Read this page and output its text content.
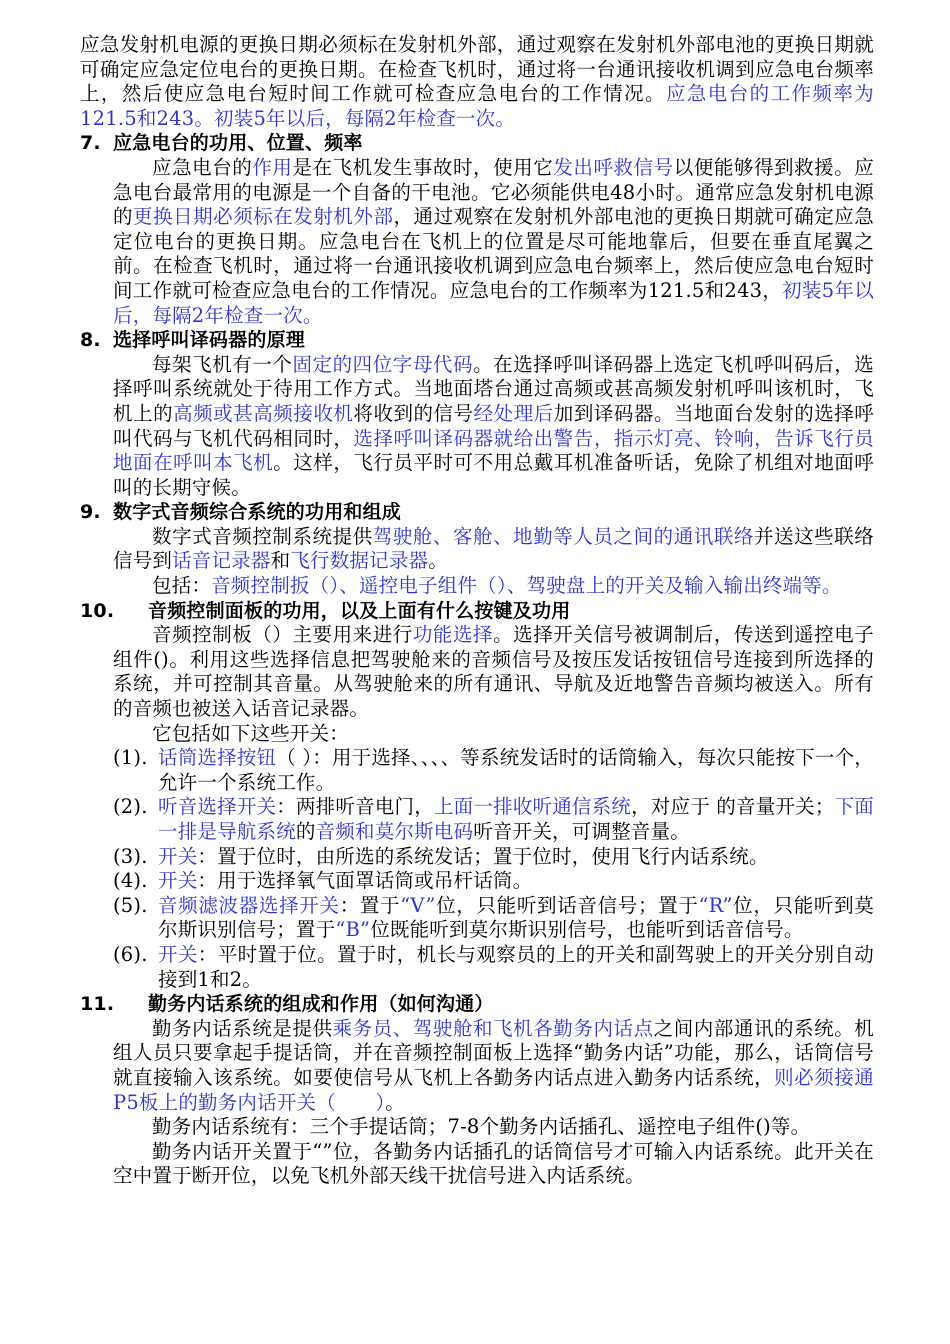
应急发射机电源的更换日期必须标在发射机外部，通过观察在发射机外部电池的更换日期就可确定应急定位电台的更换日期。在检查飞机时，通过将一台通讯接收机调到应急电台频率上，然后使应急电台短时间工作就可检查应急电台的工作情况。应急电台的工作频率为121.5和243。初装5年以后，每隔2年检查一次。

7. 应急电台的功用、位置、频率

应急电台的作用是在飞机发生事故时，使用它发出呼救信号以便能够得到救援。应急电台最常用的电源是一个自备的干电池。它必须能供电48小时。通常应急发射机电源的更换日期必须标在发射机外部，通过观察在发射机外部电池的更换日期就可确定应急定位电台的更换日期。应急电台在飞机上的位置是尽可能地靠后，但要在垂直尾翼之前。在检查飞机时，通过将一台通讯接收机调到应急电台频率上，然后使应急电台短时间工作就可检查应急电台的工作情况。应急电台的工作频率为121.5和243，初装5年以后，每隔2年检查一次。

8. 选择呼叫译码器的原理

每架飞机有一个固定的四位字母代码。在选择呼叫译码器上选定飞机呼叫码后，选择呼叫系统就处于待用工作方式。当地面塔台通过高频或甚高频发射机呼叫该机时，飞机上的高频或甚高频接收机将收到的信号经处理后加到译码器。当地面台发射的选择呼叫代码与飞机代码相同时，选择呼叫译码器就给出警告，指示灯亮、铃响，告诉飞行员地面在呼叫本飞机。这样，飞行员平时可不用总戴耳机准备听话，免除了机组对地面呼叫的长期守候。

9. 数字式音频综合系统的功用和组成

数字式音频控制系统提供驾驶舱、客舱、地勤等人员之间的通讯联络并送这些联络信号到话音记录器和飞行数据记录器。

包括：音频控制扳（）、遥控电子组件（）、驾驶盘上的开关及输入输出终端等。

10.	音频控制面板的功用，以及上面有什么按键及功用

音频控制板（）主要用来进行功能选择。选择开关信号被调制后，传送到遥控电子组件()。利用这些选择信息把驾驶舱来的音频信号及按压发话按钮信号连接到所选择的系统，并可控制其音量。从驾驶舱来的所有通讯、导航及近地警告音频均被送入。所有的音频也被送入话音记录器。

它包括如下这些开关：

(1). 话筒选择按钮（ ）：用于选择、、、、等系统发话时的话筒输入，每次只能按下一个，允许一个系统工作。
(2). 听音选择开关：两排听音电门，上面一排收听通信系统，对应于 的音量开关；下面一排是导航系统的音频和莫尔斯电码听音开关，可调整音量。
(3). 开关：置于位时，由所选的系统发话；置于位时，使用飞行内话系统。
(4). 开关：用于选择氧气面罩话筒或吊杆话筒。
(5). 音频滤波器选择开关：置于“V”位，只能听到话音信号；置于“R”位，只能听到莫尔斯识别信号；置于“B”位既能听到莫尔斯识别信号，也能听到话音信号。
(6). 开关：平时置于位。置于时，机长与观察员的上的开关和副驾驶上的开关分别自动接到1和2。
11.	勤务内话系统的组成和作用（如何沟通）

勤务内话系统是提供乘务员、驾驶舱和飞机各勤务内话点之间内部通讯的系统。机组人员只要拿起手提话筒，并在音频控制面板上选择“勤务内话”功能，那么，话筒信号就直接输入该系统。如要使信号从飞机上各勤务内话点进入勤务内话系统，则必须接通P5板上的勤务内话开关（　　）。

勤务内话系统有：三个手提话筒；7-8个勤务内话插孔、遥控电子组件()等。

勤务内话开关置于“”位，各勤务内话插孔的话筒信号才可输入内话系统。此开关在空中置于断开位，以免飞机外部天线干扰信号进入内话系统。
